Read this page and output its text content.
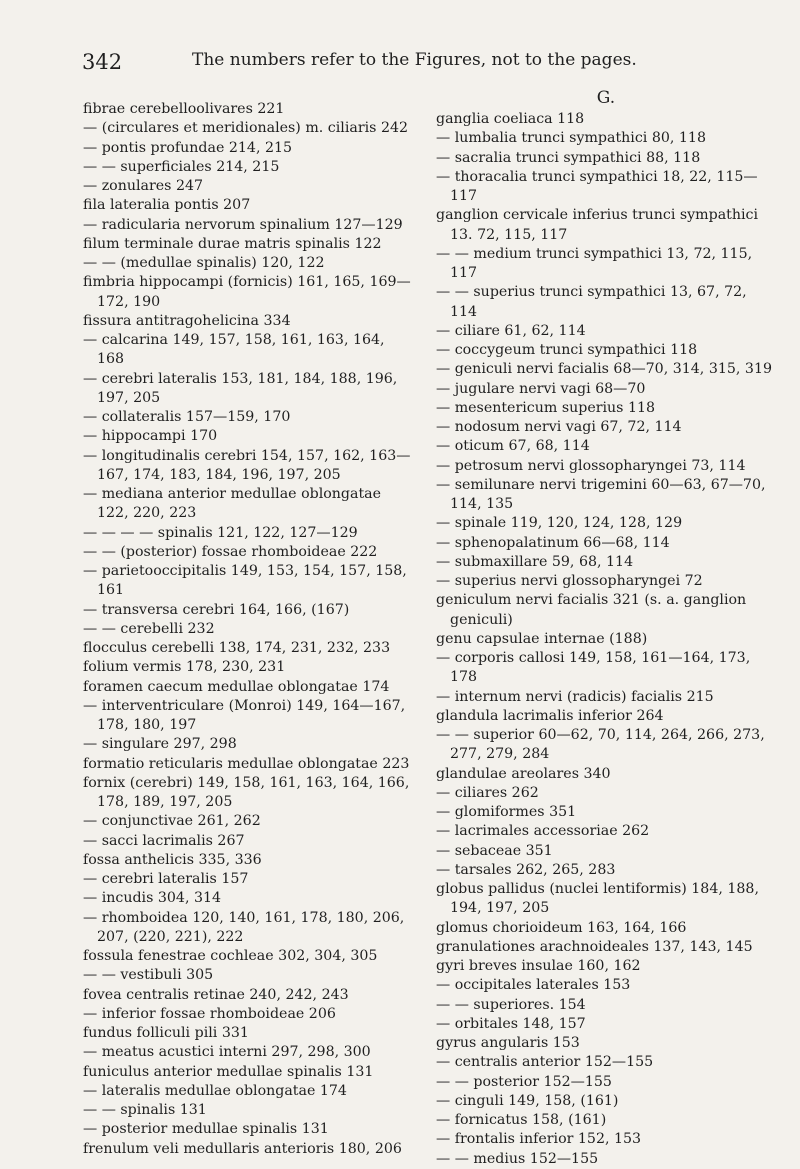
342	The numbers refer to the Figures, not to the pages.

fibrae cerebelloolivares 221

— (circulares et meridionales) m. ciliaris 242

— pontis profundae 214, 215

— — superficiales 214, 215

— zonulares 247

fila lateralia pontis 207

— radicularia nervorum spinalium 127—129

filum terminale durae matris spinalis 122

— — (medullae spinalis) 120, 122

fimbria hippocampi (fornicis) 161, 165, 169—172, 190

fissura antitragohelicina 334

— calcarina 149, 157, 158, 161, 163, 164, 168

— cerebri lateralis 153, 181, 184, 188, 196, 197, 205

— collateralis 157—159, 170

— hippocampi 170

— longitudinalis cerebri 154, 157, 162, 163—167, 174, 183, 184, 196, 197, 205

— mediana anterior medullae oblongatae 122, 220, 223

— — — — spinalis 121, 122, 127—129

— — (posterior) fossae rhomboideae 222

— parietooccipitalis 149, 153, 154, 157, 158, 161

— transversa cerebri 164, 166, (167)

— — cerebelli 232

flocculus cerebelli 138, 174, 231, 232, 233

folium vermis 178, 230, 231

foramen caecum medullae oblongatae 174

— interventriculare (Monroi) 149, 164—167, 178, 180, 197

— singulare 297, 298

formatio reticularis medullae oblongatae 223

fornix (cerebri) 149, 158, 161, 163, 164, 166, 178, 189, 197, 205

— conjunctivae 261, 262

— sacci lacrimalis 267

fossa anthelicis 335, 336

— cerebri lateralis 157

— incudis 304, 314

— rhomboidea 120, 140, 161, 178, 180, 206, 207, (220, 221), 222

fossula fenestrae cochleae 302, 304, 305

— — vestibuli 305

fovea centralis retinae 240, 242, 243

— inferior fossae rhomboideae 206

fundus folliculi pili 331

— meatus acustici interni 297, 298, 300

funiculus anterior medullae spinalis 131

— lateralis medullae oblongatae 174

— — spinalis 131

— posterior medullae spinalis 131

frenulum veli medullaris anterioris 180, 206

G.

ganglia coeliaca 118

— lumbalia trunci sympathici 80, 118

— sacralia trunci sympathici 88, 118

— thoracalia trunci sympathici 18, 22, 115—117

ganglion cervicale inferius trunci sympathici 13. 72, 115, 117

— — medium trunci sympathici 13, 72, 115, 117

— — superius trunci sympathici 13, 67, 72, 114

— ciliare 61, 62, 114

— coccygeum trunci sympathici 118

— geniculi nervi facialis 68—70, 314, 315, 319

— jugulare nervi vagi 68—70

— mesentericum superius 118

— nodosum nervi vagi 67, 72, 114

— oticum 67, 68, 114

— petrosum nervi glossopharyngei 73, 114

— semilunare nervi trigemini 60—63, 67—70, 114, 135

— spinale 119, 120, 124, 128, 129

— sphenopalatinum 66—68, 114

— submaxillare 59, 68, 114

— superius nervi glossopharyngei 72

geniculum nervi facialis 321 (s. a. ganglion geniculi)

genu capsulae internae (188)

— corporis callosi 149, 158, 161—164, 173, 178

— internum nervi (radicis) facialis 215

glandula lacrimalis inferior 264

— — superior 60—62, 70, 114, 264, 266, 273, 277, 279, 284

glandulae areolares 340

— ciliares 262

— glomiformes 351

— lacrimales accessoriae 262

— sebaceae 351

— tarsales 262, 265, 283

globus pallidus (nuclei lentiformis) 184, 188, 194, 197, 205

glomus chorioideum 163, 164, 166

granulationes arachnoideales 137, 143, 145

gyri breves insulae 160, 162

— occipitales laterales 153

— — superiores. 154

— orbitales 148, 157

gyrus angularis 153

— centralis anterior 152—155

— — posterior 152—155

— cinguli 149, 158, (161)

— fornicatus 158, (161)

— frontalis inferior 152, 153

— — medius 152—155
